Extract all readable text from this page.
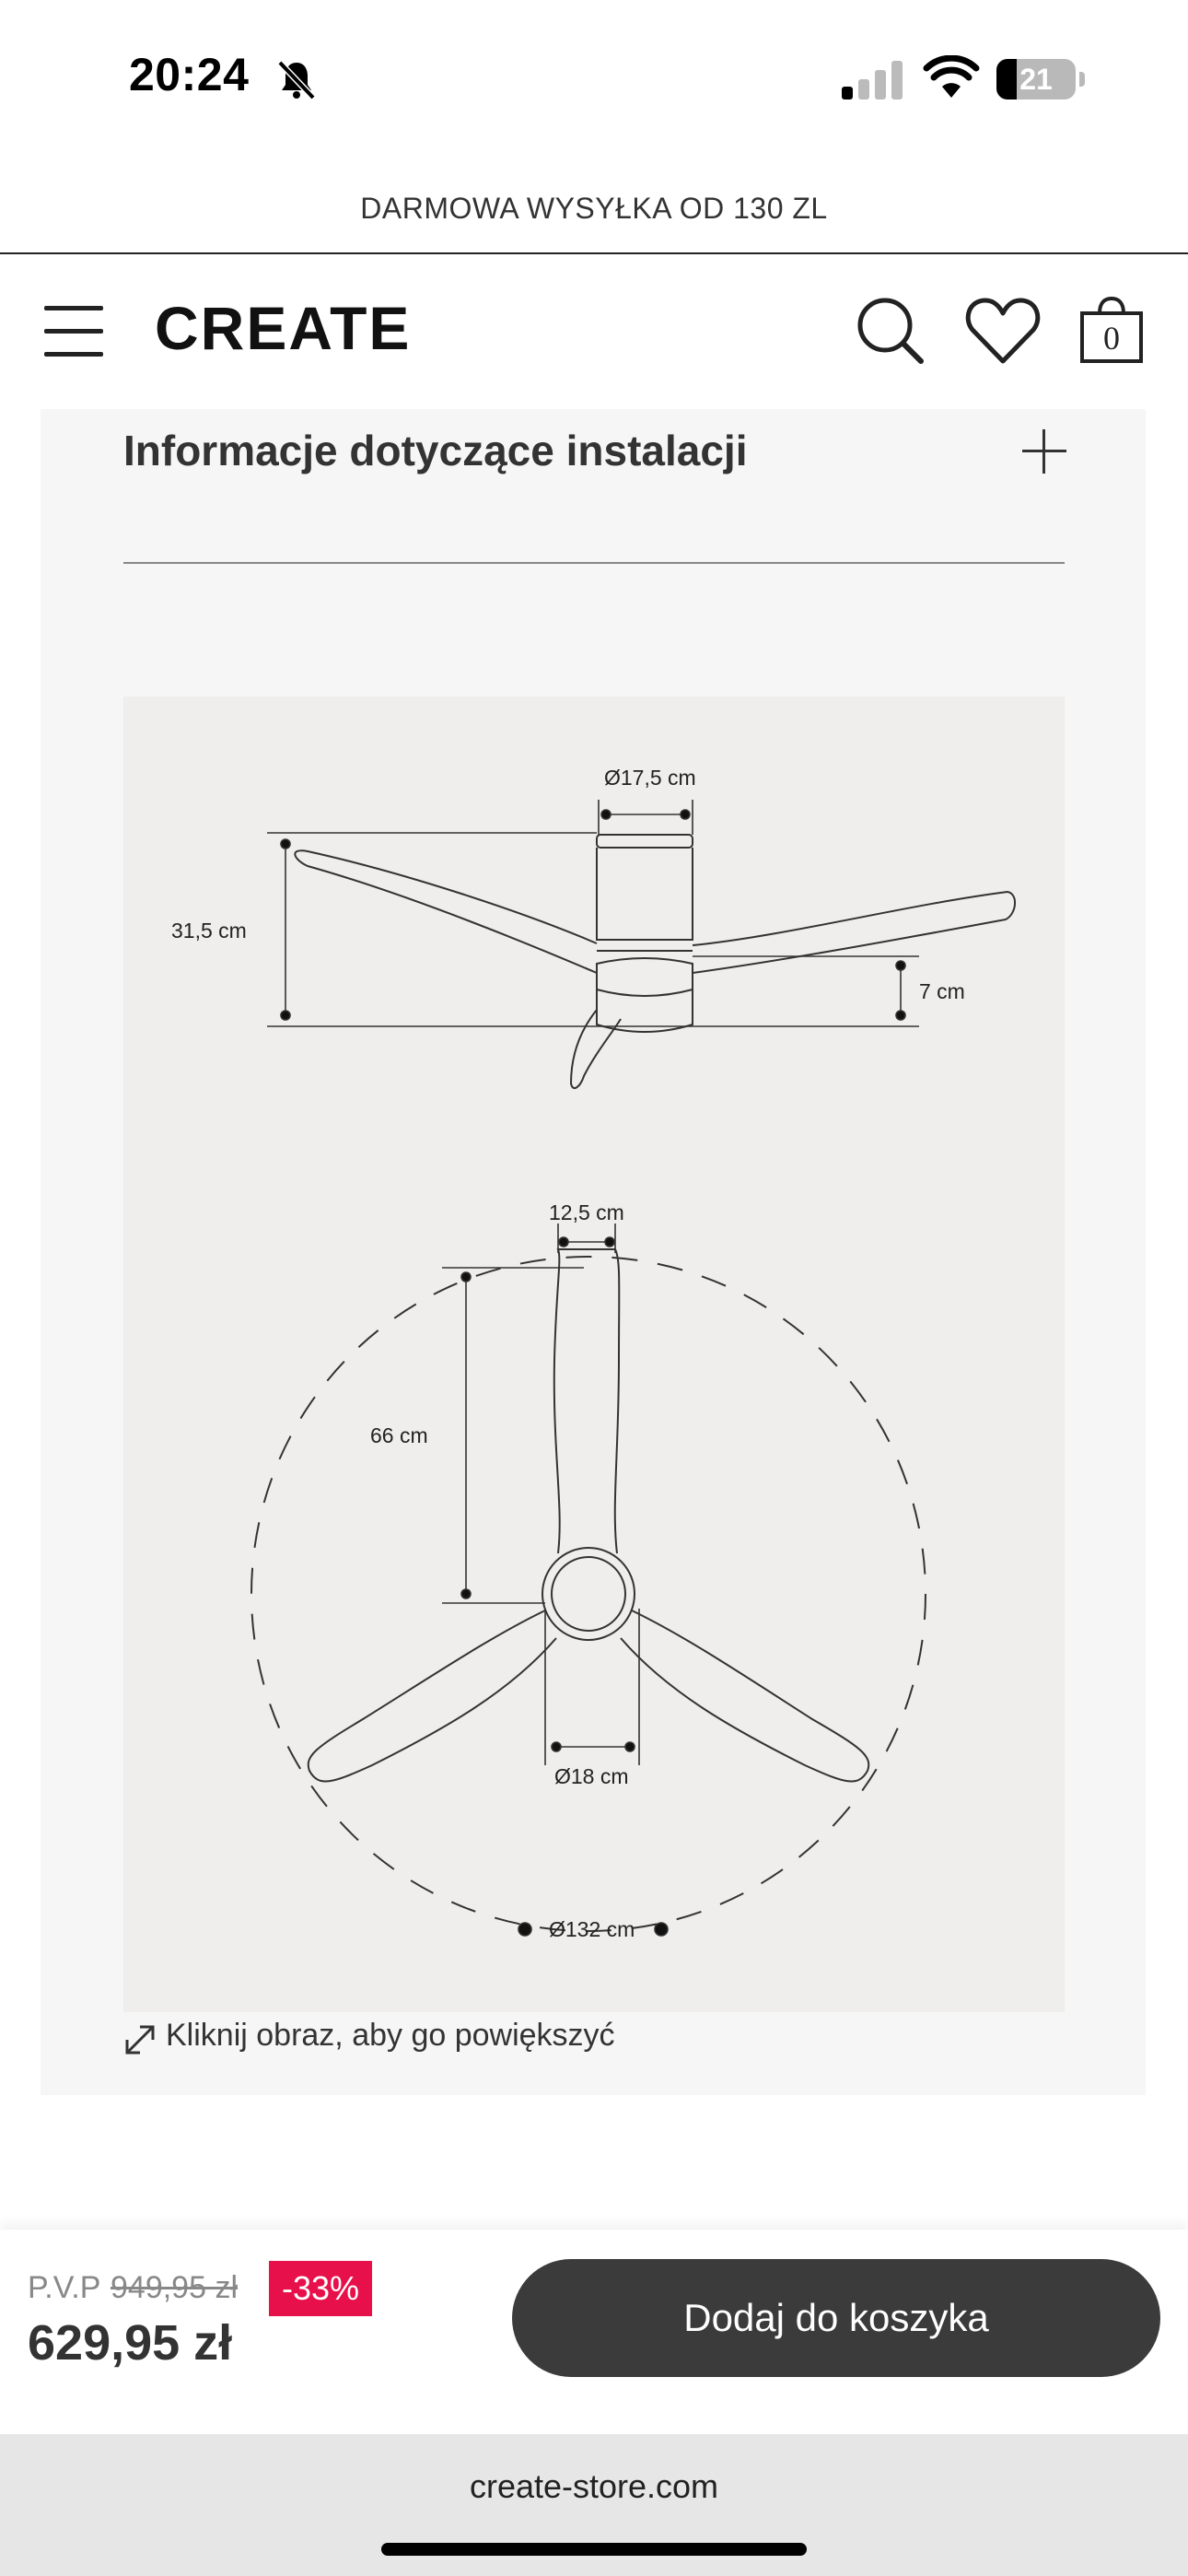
20:24	21
DARMOWA WYSYŁKA OD 130 ZL
CREATE	0
Informacje dotyczące instalacji
Ø17,5 cm
31,5 cm
7 cm
12,5 cm
66 cm
Ø18 cm
Ø132 cm
Kliknij obraz, aby go powiększyć
P.V.P 949,95 zł	-33%
629,95 zł	Dodaj do koszyka
create-store.com
